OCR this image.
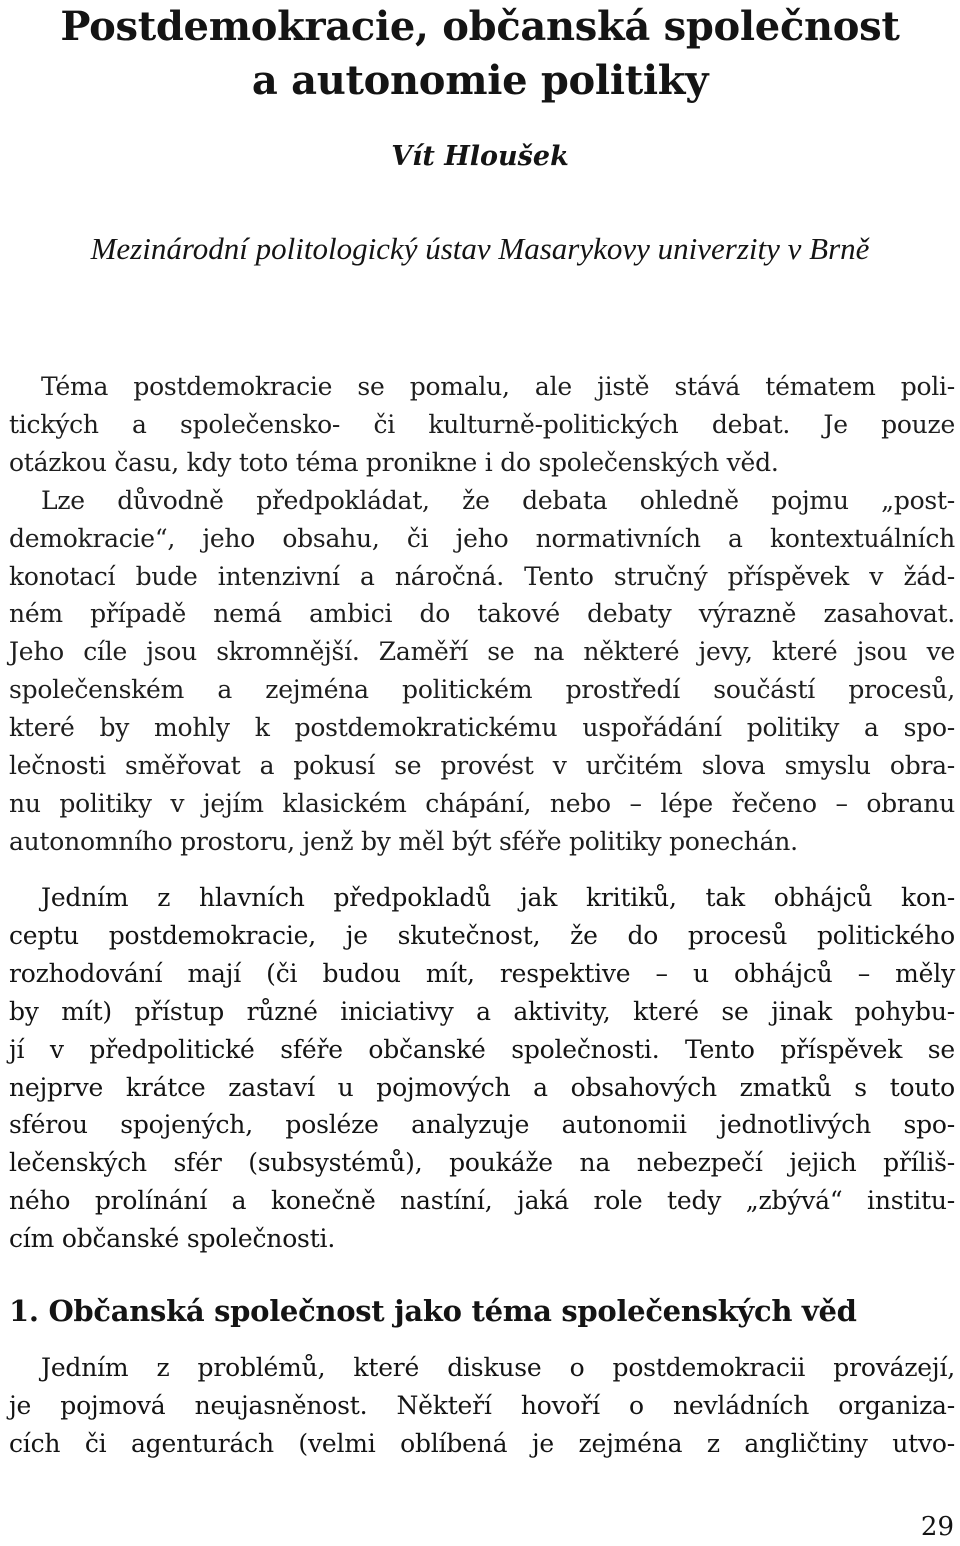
Postdemokracie, občanská společnost
a autonomie politiky

Vít Hloušek

Mezinárodní politologický ústav Masarykovy univerzity v Brně

Téma postdemokracie se pomalu, ale jistě stává tématem poli-
tických a společensko- či kulturně-politických debat. Je pouze
otázkou času, kdy toto téma pronikne i do společenských věd.
Lze důvodně předpokládat, že debata ohledně pojmu „post-
demokracie“, jeho obsahu, či jeho normativních a kontextuálních
konotací bude intenzivní a náročná. Tento stručný příspěvek v žád-
ném případě nemá ambici do takové debaty výrazně zasahovat.
Jeho cíle jsou skromnější. Zaměří se na některé jevy, které jsou ve
společenském a zejména politickém prostředí součástí procesů,
které by mohly k postdemokratickému uspořádání politiky a spo-
lečnosti směřovat a pokusí se provést v určitém slova smyslu obra-
nu politiky v jejím klasickém chápání, nebo – lépe řečeno – obranu
autonomního prostoru, jenž by měl být sféře politiky ponechán.
Jedním z hlavních předpokladů jak kritiků, tak obhájců kon-
ceptu postdemokracie, je skutečnost, že do procesů politického
rozhodování mají (či budou mít, respektive – u obhájců – měly
by mít) přístup různé iniciativy a aktivity, které se jinak pohybu-
jí v předpolitické sféře občanské společnosti. Tento příspěvek se
nejprve krátce zastaví u pojmových a obsahových zmatků s touto
sférou spojených, posléze analyzuje autonomii jednotlivých spo-
lečenských sfér (subsystémů), poukáže na nebezpečí jejich příliš-
ného prolínání a konečně nastíní, jaká role tedy „zbývá“ institu-
cím občanské společnosti.
1. Občanská společnost jako téma společenských věd
Jedním z problémů, které diskuse o postdemokracii provázejí,
je pojmová neujasněnost. Někteří hovoří o nevládních organiza-
cích či agenturách (velmi oblíbená je zejména z angličtiny utvo-
29
